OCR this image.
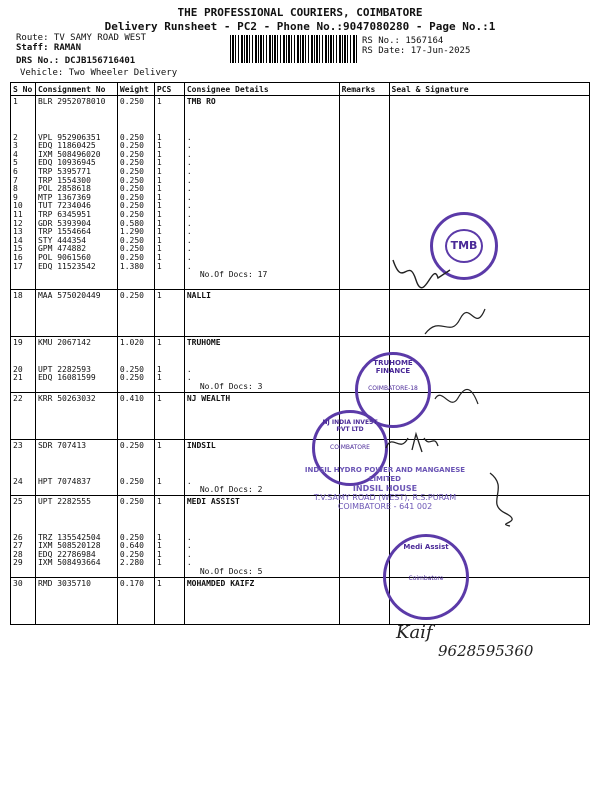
THE PROFESSIONAL COURIERS, COIMBATORE
Delivery Runsheet - PC2 - Phone No.:9047080280 - Page No.:1
Route: TV SAMY ROAD WEST
Staff: RAMAN
DRS No.: DCJB156716401
Vehicle: Two Wheeler Delivery
RS No.: 1567164
RS Date: 17-Jun-2025
S No	Consignment No	Weight	PCS	Consignee Details	Remarks	Seal & Signature
1	BLR 2952078010	0.250	1	TMB RO		

2	VPL 952906351	0.250	1	.		
3	EDQ 11860425	0.250	1	.		
4	IXM 508496020	0.250	1	.		
5	EDQ 10936945	0.250	1	.		
6	TRP 5395771	0.250	1	.		
7	TRP 1554300	0.250	1	.		
8	POL 2858618	0.250	1	.		
9	MTP 1367369	0.250	1	.		
10	TUT 7234046	0.250	1	.		
11	TRP 6345951	0.250	1	.		
12	GDR 5393904	0.580	1	.		
13	TRP 1554664	1.290	1	.		
14	STY 444354	0.250	1	.		
15	GPM 474882	0.250	1	.		
16	POL 9061560	0.250	1	.		
17	EDQ 11523542	1.380	1	.		
				No.Of Docs: 17		

18	MAA 575020449	0.250	1	NALLI		

19	KMU 2067142	1.020	1	TRUHOME		

20	UPT 2282593	0.250	1	.		
21	EDQ 16081599	0.250	1	.		
				No.Of Docs: 3		
22	KRR 50263032	0.410	1	NJ WEALTH		

23	SDR 707413	0.250	1	INDSIL		

24	HPT 7074837	0.250	1	.		
				No.Of Docs: 2		
25	UPT 2282555	0.250	1	MEDI ASSIST		

26	TRZ 135542504	0.250	1	.		
27	IXM 508520128	0.640	1	.		
28	EDQ 22786984	0.250	1	.		
29	IXM 508493664	2.280	1	.		
				No.Of Docs: 5		
30	RMD 3035710	0.170	1	MOHAMDED KAIFZ		

TMB

TRUHOME FINANCE
COIMBATORE-18
NJ INDIA INVEST PVT LTD
COIMBATORE
INDSIL HYDRO POWER AND MANGANESE LIMITED
INDSIL HOUSE
T.V.SAMY ROAD (WEST), R.S.PURAM
COIMBATORE - 641 002
Medi Assist
Coimbatore
Kaif
9628595360
